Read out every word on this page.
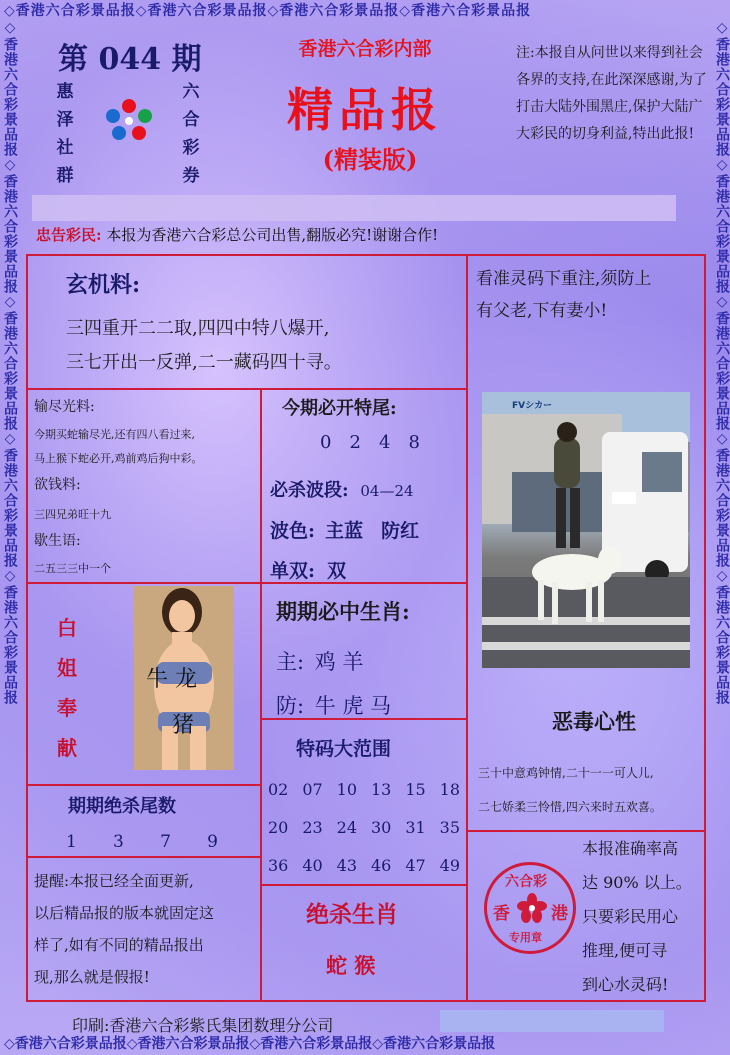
◇香港六合彩景品报◇香港六合彩景品报◇香港六合彩景品报◇香港六合彩景品报
◇香港六合彩景品报◇香港六合彩景品报◇香港六合彩景品报◇香港六合彩景品报
◇香港六合彩景品报◇香港六合彩景品报◇香港六合彩景品报◇香港六合彩景品报◇香港六合彩景品报	◇香港六合彩景品报◇香港六合彩景品报◇香港六合彩景品报◇香港六合彩景品报◇香港六合彩景品报
第 044 期
惠
泽
社
群
六
合
彩
券
香港六合彩内部
精品报
(精装版)
注:本报自从问世以来得到社会各界的支持,在此深深感谢,为了打击大陆外围黑庄,保护大陆广大彩民的切身利益,特出此报!
忠告彩民: 本报为香港六合彩总公司出售,翻版必究!谢谢合作!
玄机料:
三四重开二二取,四四中特八爆开,
三七开出一反弹,二一藏码四十寻。
看准灵码下重注,须防上
有父老,下有妻小!
输尽光料:
今期买蛇输尽光,还有四八看过来,
马上猴下蛇必开,鸡前鸡后狗中彩。
欲钱料:
三四兄弟旺十九
歇生语:
二五三三中一个
今期必开特尾:
0 2 4 8
必杀波段: 04—24
波色: 主蓝 防红
单双: 双
FVシカー
白
姐
奉
献
牛 龙
猪
期期必中生肖:
主: 鸡 羊
防: 牛 虎 马
恶毒心性
三十中意鸡钟情,二十一一可人儿,
二七娇柔三怜惜,四六来时五欢喜。
期期绝杀尾数
1 3 7 9
特码大范围
02 07 10 13 15 18
20 23 24 30 31 35
36 40 43 46 47 49
提醒:本报已经全面更新,
以后精品报的版本就固定这
样了,如有不同的精品报出
现,那么就是假报!
绝杀生肖
蛇 猴
本报准确率高
达 90% 以上。
只要彩民用心
推理,便可寻
到心水灵码!
六合彩
香 港
专用章
印刷:香港六合彩紫氏集团数理分公司
